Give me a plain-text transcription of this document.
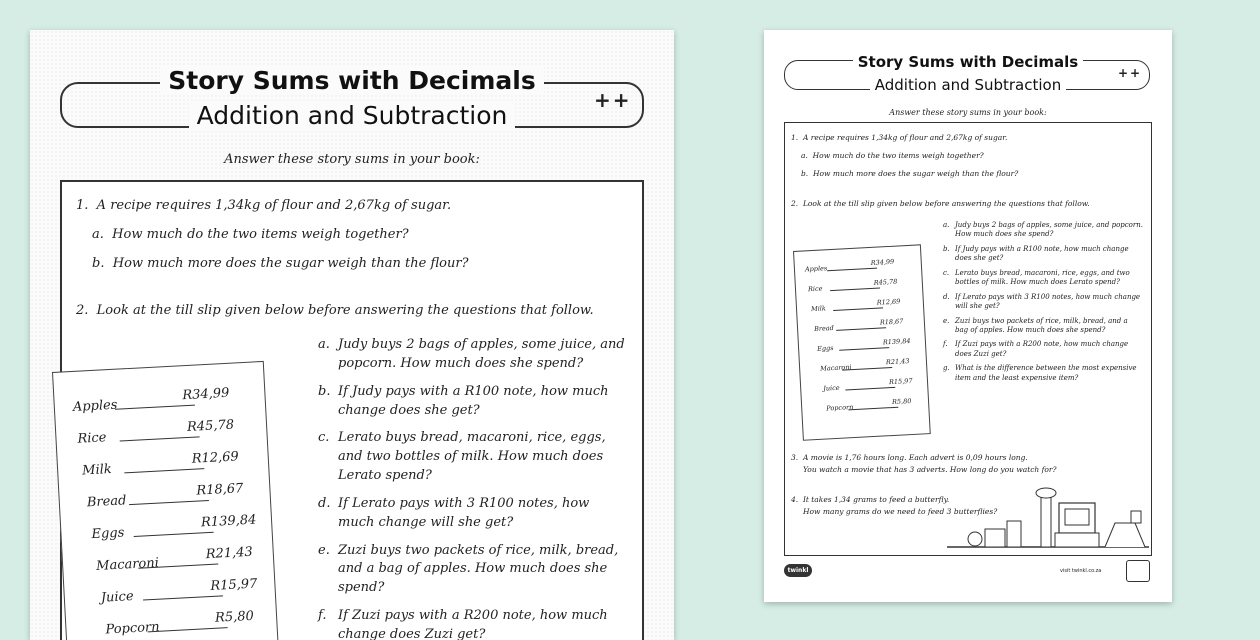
Story Sums with Decimals
Addition and Subtraction
++
Answer these story sums in your book:
1. A recipe requires 1,34kg of flour and 2,67kg of sugar.
a. How much do the two items weigh together?
b. How much more does the sugar weigh than the flour?
2. Look at the till slip given below before answering the questions that follow.
a. Judy buys 2 bags of apples, some juice, and popcorn. How much does she spend?
b. If Judy pays with a R100 note, how much change does she get?
c. Lerato buys bread, macaroni, rice, eggs, and two bottles of milk. How much does Lerato spend?
d. If Lerato pays with 3 R100 notes, how much change will she get?
e. Zuzi buys two packets of rice, milk, bread, and a bag of apples. How much does she spend?
f. If Zuzi pays with a R200 note, how much change does Zuzi get?
Apples
R34,99
Rice
R45,78
Milk
R12,69
Bread
R18,67
Eggs
R139,84
Macaroni
R21,43
Juice
R15,97
Popcorn
R5,80
Story Sums with Decimals
Addition and Subtraction
++
Answer these story sums in your book:
1. A recipe requires 1,34kg of flour and 2,67kg of sugar.
a. How much do the two items weigh together?
b. How much more does the sugar weigh than the flour?
2. Look at the till slip given below before answering the questions that follow.
a. Judy buys 2 bags of apples, some juice, and popcorn. How much does she spend?
b. If Judy pays with a R100 note, how much change does she get?
c. Lerato buys bread, macaroni, rice, eggs, and two bottles of milk. How much does Lerato spend?
d. If Lerato pays with 3 R100 notes, how much change will she get?
e. Zuzi buys two packets of rice, milk, bread, and a bag of apples. How much does she spend?
f.	If Zuzi pays with a R200 note, how much change does Zuzi get?
g. What is the difference between the most expensive item and the least expensive item?
Apples
R34,99
Rice
R45,78
Milk
R12,69
Bread
R18,67
Eggs
R139,84
Macaroni
R21,43
Juice
R15,97
Popcorn
R5,80
3. A movie is 1,76 hours long. Each advert is 0,09 hours long.
You watch a movie that has 3 adverts. How long do you watch for?
4. It takes 1,34 grams to feed a butterfly.
How many grams do we need to feed 3 butterflies?
twinkl	visit twinkl.co.za
